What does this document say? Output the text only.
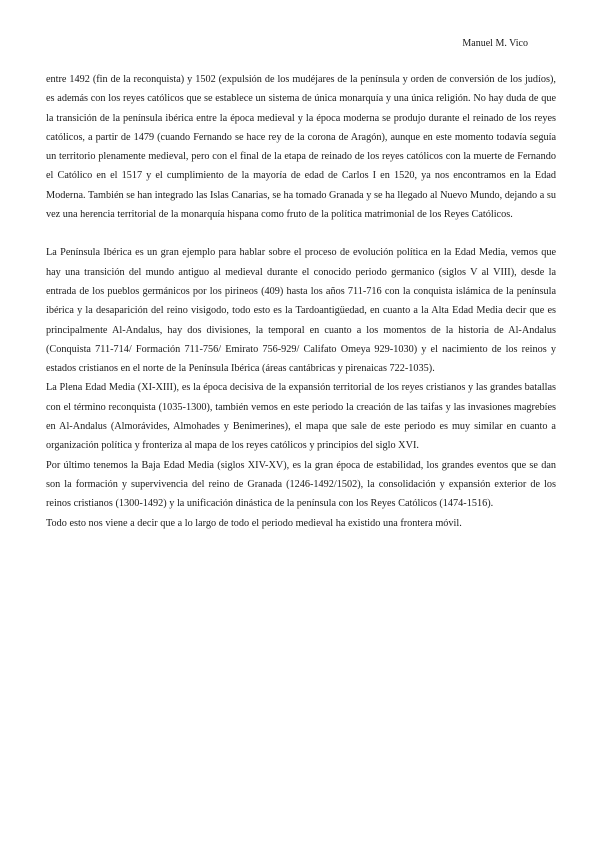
Manuel M. Vico

entre 1492 (fin de la reconquista) y 1502 (expulsión de los mudéjares de la península y orden de conversión de los judíos), es además con los reyes católicos que se establece un sistema de única monarquía y una única religión. No hay duda de que la transición de la península ibérica entre la época medieval y la época moderna se produjo durante el reinado de los reyes católicos, a partir de 1479 (cuando Fernando se hace rey de la corona de Aragón), aunque en este momento todavía seguía un territorio plenamente medieval, pero con el final de la etapa de reinado de los reyes católicos con la muerte de Fernando el Católico en el 1517 y el cumplimiento de la mayoría de edad de Carlos I en 1520, ya nos encontramos en la Edad Moderna. También se han integrado las Islas Canarias, se ha tomado Granada y se ha llegado al Nuevo Mundo, dejando a su vez una herencia territorial de la monarquía hispana como fruto de la política matrimonial de los Reyes Católicos.

La Península Ibérica es un gran ejemplo para hablar sobre el proceso de evolución política en la Edad Media, vemos que hay una transición del mundo antiguo al medieval durante el conocido periodo germanico (siglos V al VIII), desde la entrada de los pueblos germánicos por los pirineos (409) hasta los años 711-716 con la conquista islámica de la península ibérica y la desaparición del reino visigodo, todo esto es la Tardoantigüedad, en cuanto a la Alta Edad Media decir que es principalmente Al-Andalus, hay dos divisiones, la temporal en cuanto a los momentos de la historia de Al-Andalus (Conquista 711-714/ Formación 711-756/ Emirato 756-929/ Califato Omeya 929-1030) y el nacimiento de los reinos y estados cristianos en el norte de la Península Ibérica (áreas cantábricas y pirenaicas 722-1035).

La Plena Edad Media (XI-XIII), es la época decisiva de la expansión territorial de los reyes cristianos y las grandes batallas con el término reconquista (1035-1300), también vemos en este periodo la creación de las taifas y las invasiones magrebíes en Al-Andalus (Almorávides, Almohades y Benimerines), el mapa que sale de este periodo es muy similar en cuanto a organización política y fronteriza al mapa de los reyes católicos y principios del siglo XVI.

Por último tenemos la Baja Edad Media (siglos XIV-XV), es la gran época de estabilidad, los grandes eventos que se dan son la formación y supervivencia del reino de Granada (1246-1492/1502), la consolidación y expansión exterior de los reinos cristianos (1300-1492) y la unificación dinástica de la península con los Reyes Católicos (1474-1516).

Todo esto nos viene a decir que a lo largo de todo el periodo medieval ha existido una frontera móvil.
